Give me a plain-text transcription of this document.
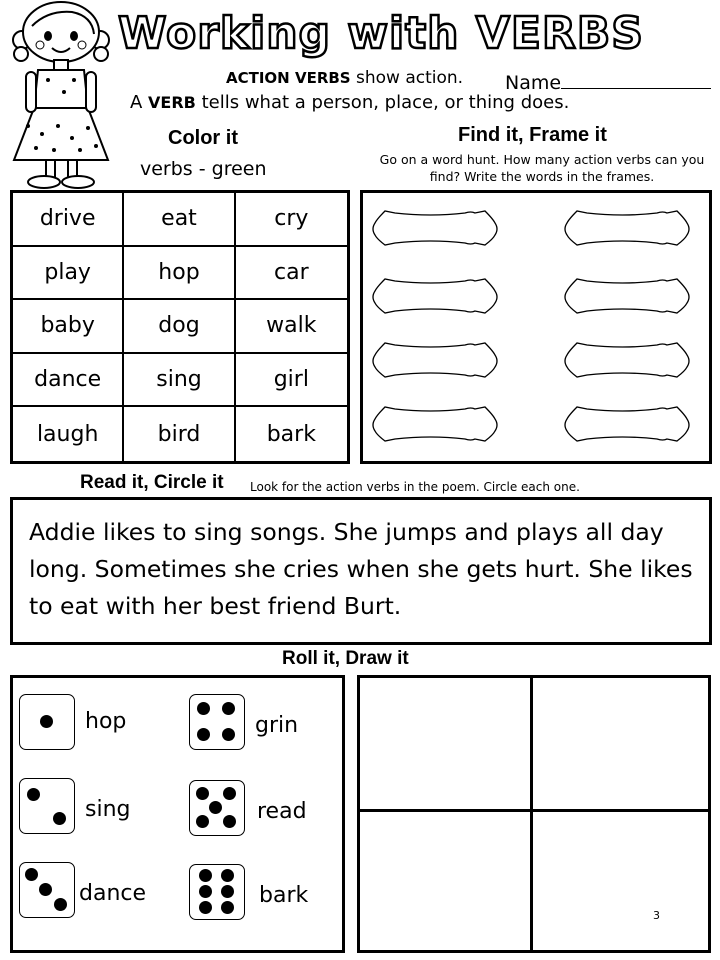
Working with VERBS
ACTION VERBS show action. Name
A VERB tells what a person, place, or thing does.
Color it
verbs - green
Find it, Frame it
Go on a word hunt. How many action verbs can you find? Write the words in the frames.
drive	eat	cry
play	hop	car
baby	dog	walk
dance	sing	girl
laugh	bird	bark
Read it, Circle it Look for the action verbs in the poem. Circle each one.
Addie likes to sing songs. She jumps and plays all day long. Sometimes she cries when she gets hurt. She likes to eat with her best friend Burt.
Roll it, Draw it
hop
sing
dance
grin
read
bark
3
